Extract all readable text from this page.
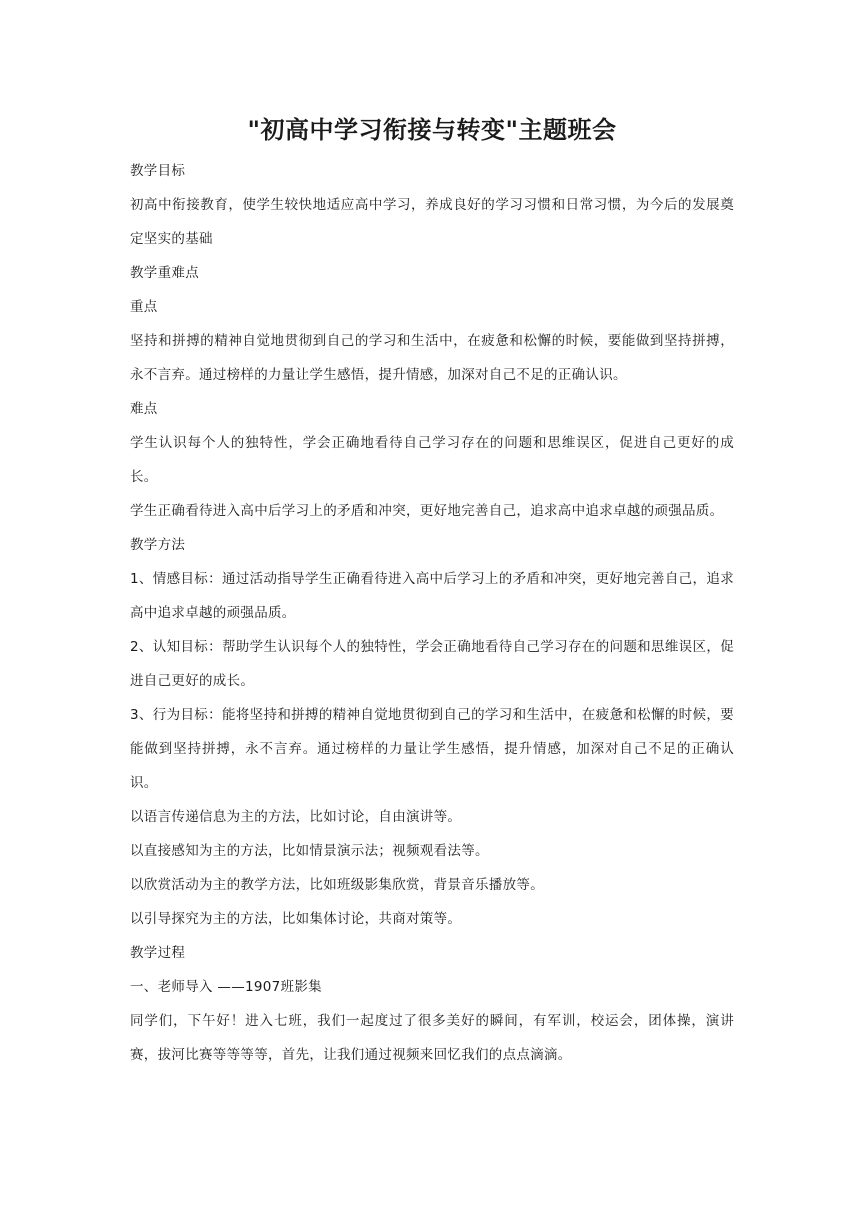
"初高中学习衔接与转变"主题班会

教学目标

初高中衔接教育，使学生较快地适应高中学习，养成良好的学习习惯和日常习惯，为今后的发展奠定坚实的基础

教学重难点

重点

坚持和拼搏的精神自觉地贯彻到自己的学习和生活中，在疲惫和松懈的时候，要能做到坚持拼搏，永不言弃。通过榜样的力量让学生感悟，提升情感，加深对自己不足的正确认识。

难点

学生认识每个人的独特性，学会正确地看待自己学习存在的问题和思维误区，促进自己更好的成长。

学生正确看待进入高中后学习上的矛盾和冲突，更好地完善自己，追求高中追求卓越的顽强品质。

教学方法

1、情感目标：通过活动指导学生正确看待进入高中后学习上的矛盾和冲突，更好地完善自己，追求高中追求卓越的顽强品质。

2、认知目标：帮助学生认识每个人的独特性，学会正确地看待自己学习存在的问题和思维误区，促进自己更好的成长。

3、行为目标：能将坚持和拼搏的精神自觉地贯彻到自己的学习和生活中，在疲惫和松懈的时候，要能做到坚持拼搏，永不言弃。通过榜样的力量让学生感悟，提升情感，加深对自己不足的正确认识。

以语言传递信息为主的方法，比如讨论，自由演讲等。

以直接感知为主的方法，比如情景演示法；视频观看法等。

以欣赏活动为主的教学方法，比如班级影集欣赏，背景音乐播放等。

以引导探究为主的方法，比如集体讨论，共商对策等。

教学过程

一、老师导入 ——1907班影集

同学们，下午好！进入七班，我们一起度过了很多美好的瞬间，有军训，校运会，团体操，演讲赛，拔河比赛等等等等，首先，让我们通过视频来回忆我们的点点滴滴。
